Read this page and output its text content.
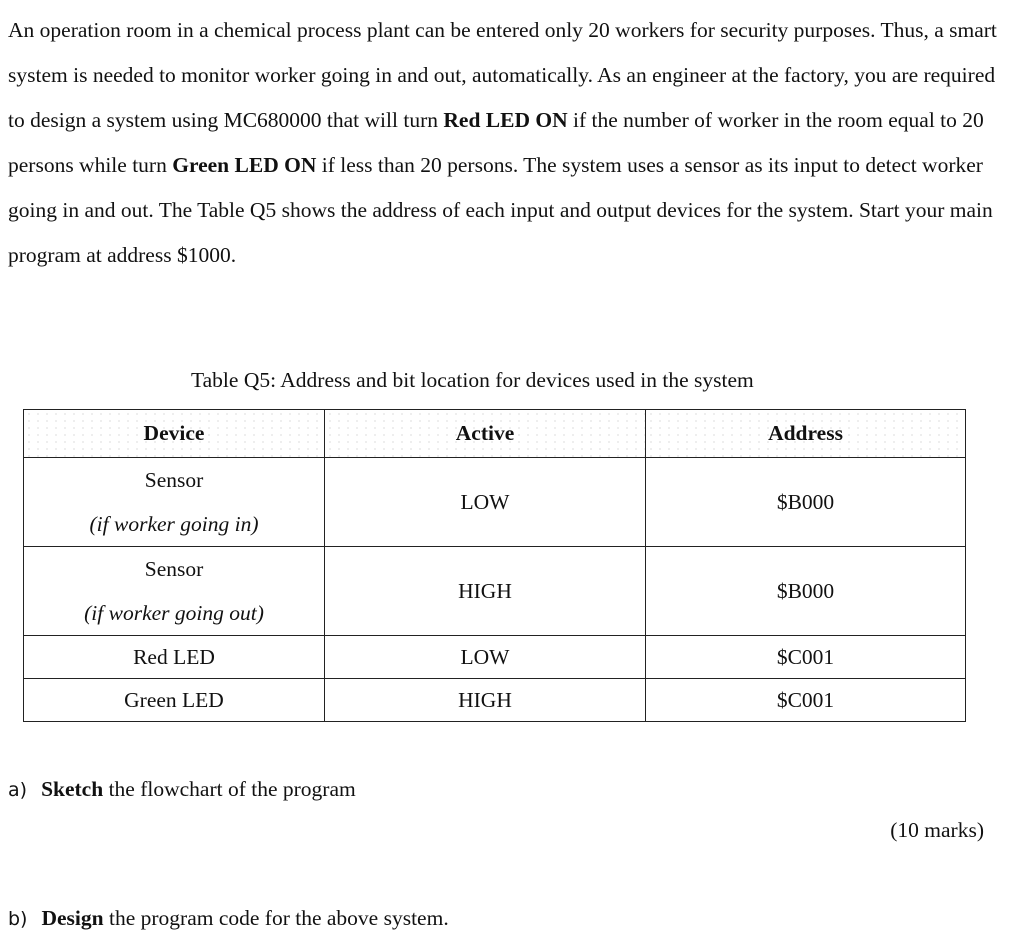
An operation room in a chemical process plant can be entered only 20 workers for security purposes. Thus, a smart system is needed to monitor worker going in and out, automatically. As an engineer at the factory, you are required to design a system using MC680000 that will turn Red LED ON if the number of worker in the room equal to 20 persons while turn Green LED ON if less than 20 persons. The system uses a sensor as its input to detect worker going in and out. The Table Q5 shows the address of each input and output devices for the system. Start your main program at address $1000.

Table Q5: Address and bit location for devices used in the system
Device	Active	Address

Sensor
(if worker going in)	LOW	$B000

Sensor
(if worker going out)	HIGH	$B000
Red LED	LOW	$C001
Green LED	HIGH	$C001
a) Sketch the flowchart of the program
(10 marks)
b) Design the program code for the above system.
